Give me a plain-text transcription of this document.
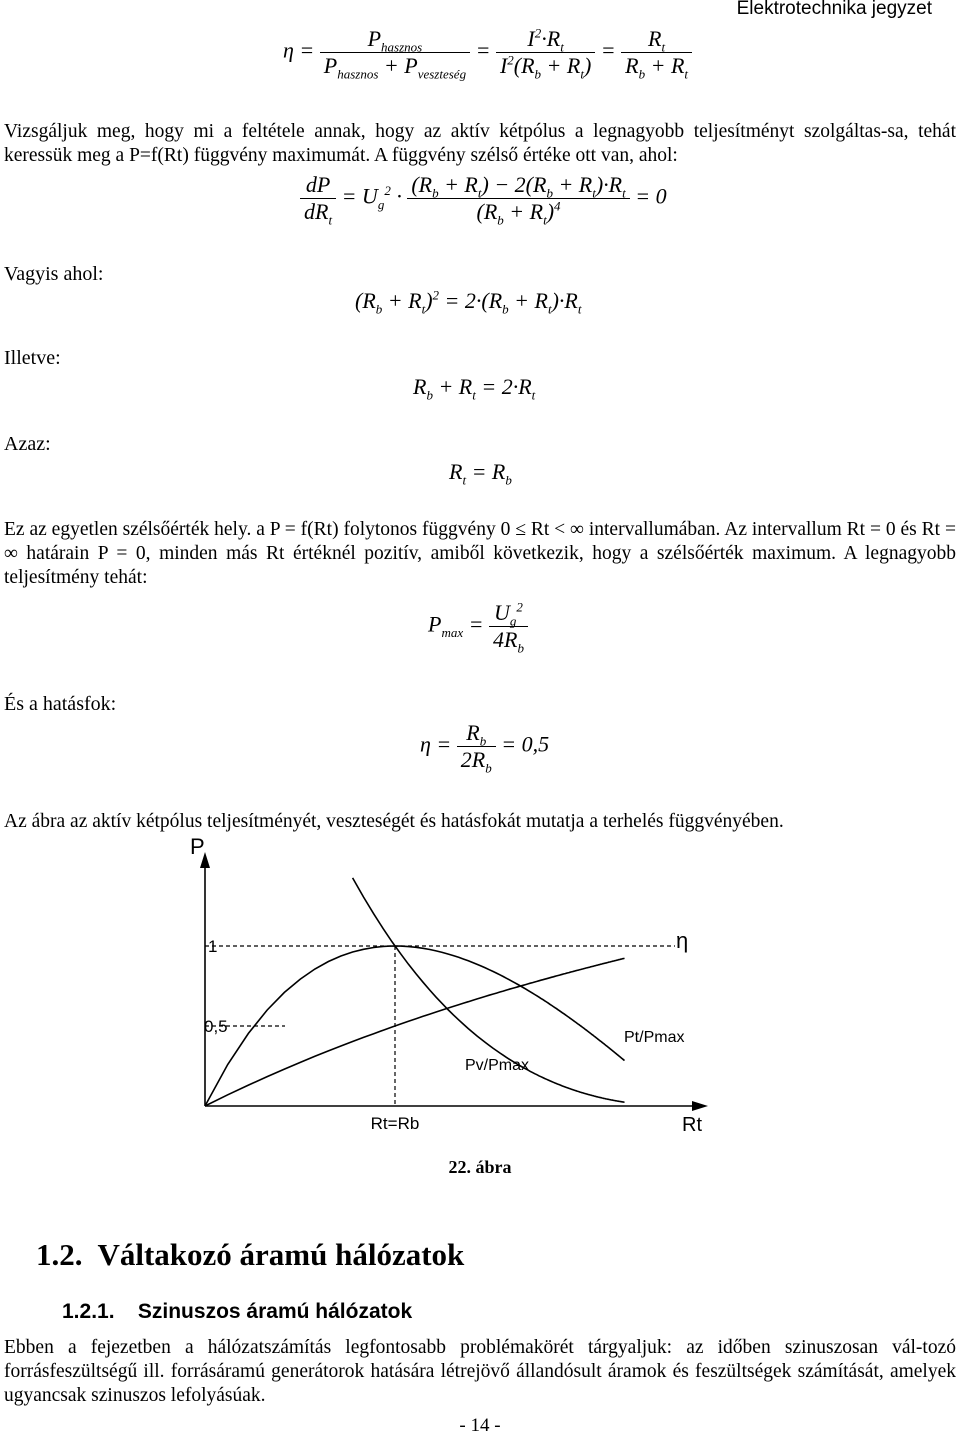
Elektrotechnika jegyzet
$\eta = \frac{P_{hasznos}}{P_{hasznos} + P_{veszteség}} = \frac{I^2\cdot R_t}{I^2(R_b + R_t)} = \frac{R_t}{R_b + R_t}$
Vizsgáljuk meg, hogy mi a feltétele annak, hogy az aktív kétpólus a legnagyobb teljesítményt szolgáltas-sa, tehát keressük meg a P=f(Rt) függvény maximumát. A függvény szélső értéke ott van, ahol:
$\frac{dP}{dR_t} = U_g^2 \cdot \frac{(R_b + R_t) - 2(R_b + R_t)\cdot R_t}{(R_b + R_t)^4} = 0$
Vagyis ahol:
$(R_b + R_t)^2 = 2\cdot(R_b + R_t)\cdot R_t$
Illetve:
$R_b + R_t = 2\cdot R_t$
Azaz:
$R_t = R_b$
Ez az egyetlen szélsőérték hely. a P = f(Rt) folytonos függvény 0 ≤ Rt < ∞ intervallumában. Az intervallum Rt = 0 és Rt = ∞ határain P = 0, minden más Rt értéknél pozitív, amiből következik, hogy a szélsőérték maximum. A legnagyobb teljesítmény tehát:
$P_{max} = \frac{U_g^2}{4R_b}$
És a hatásfok:
$\eta = \frac{R_b}{2R_b} = 0,5$
Az ábra az aktív kétpólus teljesítményét, veszteségét és hatásfokát mutatja a terhelés függvényében.
P
Rt
1
0,5
Rt=Rb
η
Pt/Pmax
Pv/Pmax
22. ábra
1.2. Váltakozó áramú hálózatok
1.2.1. Szinuszos áramú hálózatok
Ebben a fejezetben a hálózatszámítás legfontosabb problémakörét tárgyaljuk: az időben szinuszosan vál-tozó forrásfeszültségű ill. forrásáramú generátorok hatására létrejövő állandósult áramok és feszültségek számítását, amelyek ugyancsak szinuszos lefolyásúak.
- 14 -
